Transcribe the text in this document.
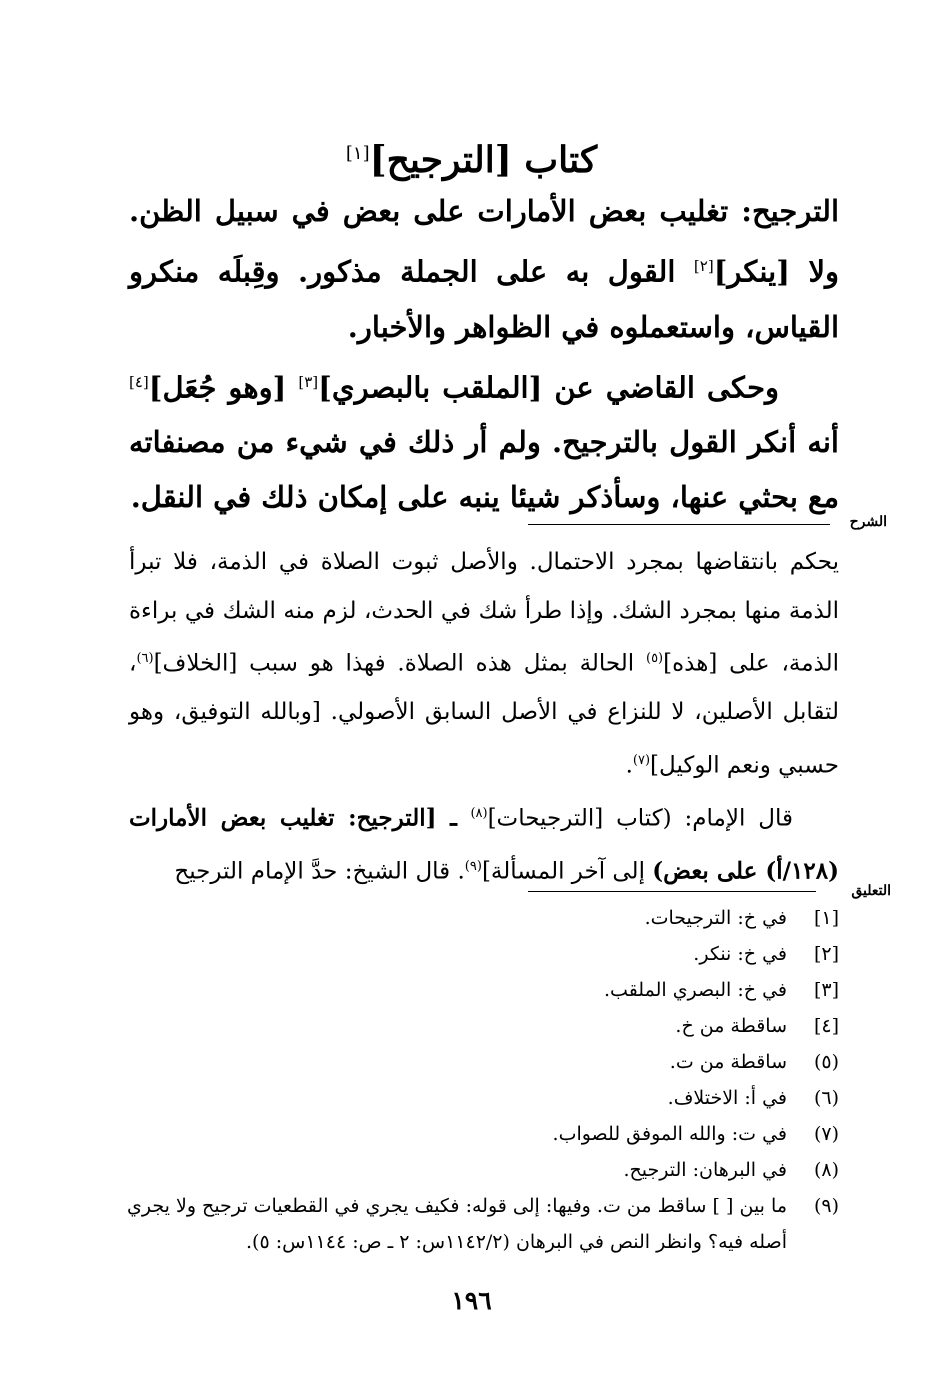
كتاب [الترجيح][١]

الترجيح: تغليب بعض الأمارات على بعض في سبيل الظن. ولا [ينكر][٢] القول به على الجملة مذكور. وقِبلَه منكرو القياس، واستعملوه في الظواهر والأخبار.

وحكى القاضي عن [الملقب بالبصري][٣] [وهو جُعَل][٤] أنه أنكر القول بالترجيح. ولم أر ذلك في شيء من مصنفاته مع بحثي عنها، وسأذكر شيئا ينبه على إمكان ذلك في النقل.

الشرح

يحكم بانتقاضها بمجرد الاحتمال. والأصل ثبوت الصلاة في الذمة، فلا تبرأ الذمة منها بمجرد الشك. وإذا طرأ شك في الحدث، لزم منه الشك في براءة الذمة، على [هذه]$^{(٥)}$ الحالة بمثل هذه الصلاة. فهذا هو سبب [الخلاف]$^{(٦)}$، لتقابل الأصلين، لا للنزاع في الأصل السابق الأصولي. [وبالله التوفيق، وهو حسبي ونعم الوكيل]$^{(٧)}$.

قال الإمام: (كتاب [الترجيحات]$^{(٨)}$ ـ [الترجيح: تغليب بعض الأمارات (١٢٨/أ) على بعض) إلى آخر المسألة]$^{(٩)}$. قال الشيخ: حدَّ الإمام الترجيح

التعليق
[١]
في خ: الترجيحات.
[٢]
في خ: ننكر.
[٣]
في خ: البصري الملقب.
[٤]
ساقطة من خ.
(٥)
ساقطة من ت.
(٦)
في أ: الاختلاف.
(٧)
في ت: والله الموفق للصواب.
(٨)
في البرهان: الترجيح.
(٩)
ما بين [ ] ساقط من ت. وفيها: إلى قوله: فكيف يجري في القطعيات ترجيح ولا يجري أصله فيه؟ وانظر النص في البرهان (١١٤٢/٢س: ٢ ـ ص: ١١٤٤س: ٥).
١٩٦
